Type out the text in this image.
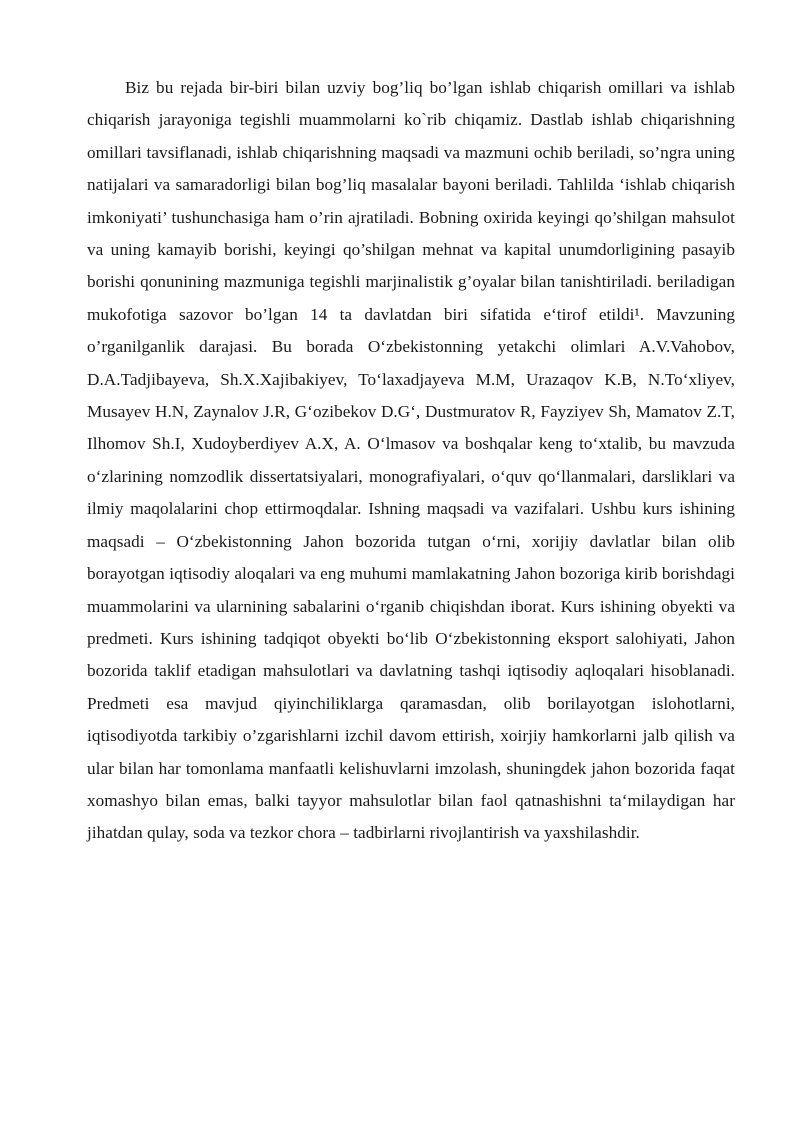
Biz bu rejada bir-biri bilan uzviy bog’liq bo’lgan ishlab chiqarish omillari va ishlab chiqarish jarayoniga tegishli muammolarni ko`rib chiqamiz. Dastlab ishlab chiqarishning omillari tavsiflanadi, ishlab chiqarishning maqsadi va mazmuni ochib beriladi, so’ngra uning natijalari va samaradorligi bilan bog’liq masalalar bayoni beriladi. Tahlilda ‘ishlab chiqarish imkoniyati’ tushunchasiga ham o’rin ajratiladi. Bobning oxirida keyingi qo’shilgan mahsulot va uning kamayib borishi, keyingi qo’shilgan mehnat va kapital unumdorligining pasayib borishi qonunining mazmuniga tegishli marjinalistik g’oyalar bilan tanishtiriladi. beriladigan mukofotiga sazovor bo’lgan 14 ta davlatdan biri sifatida e‘tirof etildi¹. Mavzuning o’rganilganlik darajasi. Bu borada O‘zbekistonning yetakchi olimlari A.V.Vahobov, D.A.Tadjibayeva, Sh.X.Xajibakiyev, To‘laxadjayeva M.M, Urazaqov K.B, N.To‘xliyev, Musayev H.N, Zaynalov J.R, G‘ozibekov D.G‘, Dustmuratov R, Fayziyev Sh, Mamatov Z.T, Ilhomov Sh.I, Xudoyberdiyev A.X, A. O‘lmasov va boshqalar keng to‘xtalib, bu mavzuda o‘zlarining nomzodlik dissertatsiyalari, monografiyalari, o‘quv qo‘llanmalari, darsliklari va ilmiy maqolalarini chop ettirmoqdalar. Ishning maqsadi va vazifalari. Ushbu kurs ishining maqsadi – O‘zbekistonning Jahon bozorida tutgan o‘rni, xorijiy davlatlar bilan olib borayotgan iqtisodiy aloqalari va eng muhumi mamlakatning Jahon bozoriga kirib borishdagi muammolarini va ularnining sabalarini o‘rganib chiqishdan iborat. Kurs ishining obyekti va predmeti. Kurs ishining tadqiqot obyekti bo‘lib O‘zbekistonning eksport salohiyati, Jahon bozorida taklif etadigan mahsulotlari va davlatning tashqi iqtisodiy aqloqalari hisoblanadi. Predmeti esa mavjud qiyinchiliklarga qaramasdan, olib borilayotgan islohotlarni, iqtisodiyotda tarkibiy o’zgarishlarni izchil davom ettirish, xoirjiy hamkorlarni jalb qilish va ular bilan har tomonlama manfaatli kelishuvlarni imzolash, shuningdek jahon bozorida faqat xomashyo bilan emas, balki tayyor mahsulotlar bilan faol qatnashishni ta‘milaydigan har jihatdan qulay, soda va tezkor chora – tadbirlarni rivojlantirish va yaxshilashdir.
